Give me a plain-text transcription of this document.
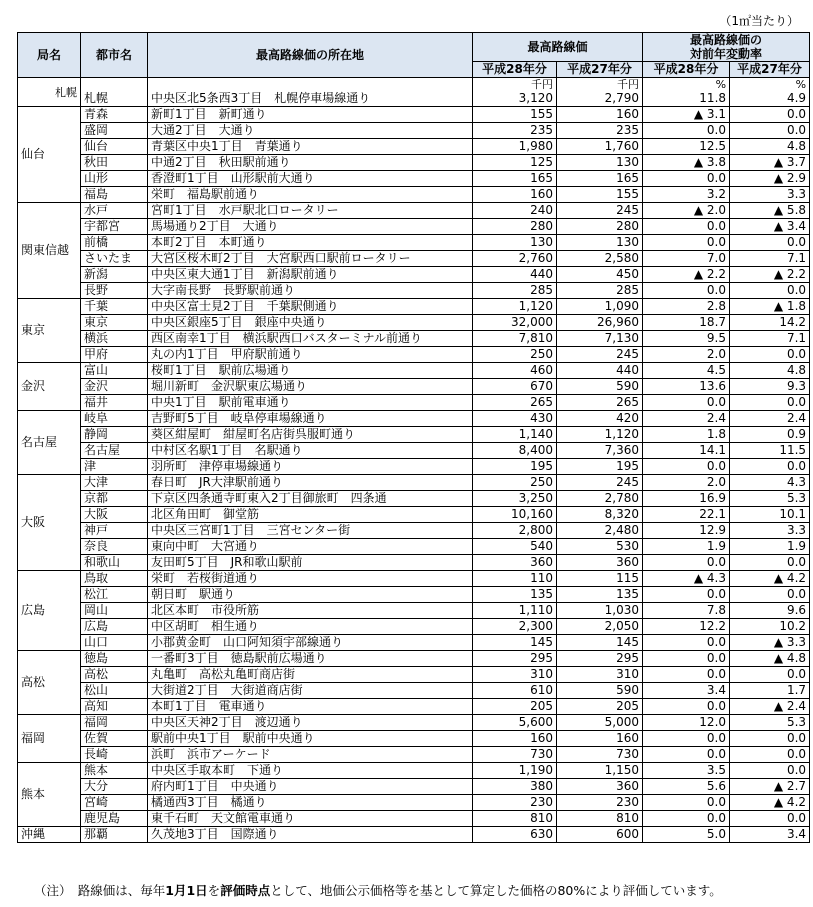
（1㎡当たり）
局名	都市名	最高路線価の所在地	最高路線価		最高路線価の
対前年変動率	
			平成28年分	平成27年分	平成28年分	平成27年分
札幌			千円	千円	%	%
	札幌	中央区北5条西3丁目　札幌停車場線通り	3,120	2,790	11.8	4.9
仙台	青森	新町1丁目　新町通り	155	160	▲ 3.1	0.0
	盛岡	大通2丁目　大通り	235	235	0.0	0.0
	仙台	青葉区中央1丁目　青葉通り	1,980	1,760	12.5	4.8
	秋田	中通2丁目　秋田駅前通り	125	130	▲ 3.8	▲ 3.7
	山形	香澄町1丁目　山形駅前大通り	165	165	0.0	▲ 2.9
	福島	栄町　福島駅前通り	160	155	3.2	3.3
関東信越	水戸	宮町1丁目　水戸駅北口ロータリー	240	245	▲ 2.0	▲ 5.8
	宇都宮	馬場通り2丁目　大通り	280	280	0.0	▲ 3.4
	前橋	本町2丁目　本町通り	130	130	0.0	0.0
	さいたま	大宮区桜木町2丁目　大宮駅西口駅前ロータリー	2,760	2,580	7.0	7.1
	新潟	中央区東大通1丁目　新潟駅前通り	440	450	▲ 2.2	▲ 2.2
	長野	大字南長野　長野駅前通り	285	285	0.0	0.0
東京	千葉	中央区富士見2丁目　千葉駅側通り	1,120	1,090	2.8	▲ 1.8
	東京	中央区銀座5丁目　銀座中央通り	32,000	26,960	18.7	14.2
	横浜	西区南幸1丁目　横浜駅西口バスターミナル前通り	7,810	7,130	9.5	7.1
	甲府	丸の内1丁目　甲府駅前通り	250	245	2.0	0.0
金沢	富山	桜町1丁目　駅前広場通り	460	440	4.5	4.8
	金沢	堀川新町　金沢駅東広場通り	670	590	13.6	9.3
	福井	中央1丁目　駅前電車通り	265	265	0.0	0.0
名古屋	岐阜	吉野町5丁目　岐阜停車場線通り	430	420	2.4	2.4
	静岡	葵区紺屋町　紺屋町名店街呉服町通り	1,140	1,120	1.8	0.9
	名古屋	中村区名駅1丁目　名駅通り	8,400	7,360	14.1	11.5
	津	羽所町　津停車場線通り	195	195	0.0	0.0
大阪	大津	春日町　JR大津駅前通り	250	245	2.0	4.3
	京都	下京区四条通寺町東入2丁目御旅町　四条通	3,250	2,780	16.9	5.3
	大阪	北区角田町　御堂筋	10,160	8,320	22.1	10.1
	神戸	中央区三宮町1丁目　三宮センター街	2,800	2,480	12.9	3.3
	奈良	東向中町　大宮通り	540	530	1.9	1.9
	和歌山	友田町5丁目　JR和歌山駅前	360	360	0.0	0.0
広島	鳥取	栄町　若桜街道通り	110	115	▲ 4.3	▲ 4.2
	松江	朝日町　駅通り	135	135	0.0	0.0
	岡山	北区本町　市役所筋	1,110	1,030	7.8	9.6
	広島	中区胡町　相生通り	2,300	2,050	12.2	10.2
	山口	小郡黄金町　山口阿知須宇部線通り	145	145	0.0	▲ 3.3
高松	徳島	一番町3丁目　徳島駅前広場通り	295	295	0.0	▲ 4.8
	高松	丸亀町　高松丸亀町商店街	310	310	0.0	0.0
	松山	大街道2丁目　大街道商店街	610	590	3.4	1.7
	高知	本町1丁目　電車通り	205	205	0.0	▲ 2.4
福岡	福岡	中央区天神2丁目　渡辺通り	5,600	5,000	12.0	5.3
	佐賀	駅前中央1丁目　駅前中央通り	160	160	0.0	0.0
	長崎	浜町　浜市アーケード	730	730	0.0	0.0
熊本	熊本	中央区手取本町　下通り	1,190	1,150	3.5	0.0
	大分	府内町1丁目　中央通り	380	360	5.6	▲ 2.7
	宮崎	橘通西3丁目　橘通り	230	230	0.0	▲ 4.2
	鹿児島	東千石町　天文館電車通り	810	810	0.0	0.0
沖縄	那覇	久茂地3丁目　国際通り	630	600	5.0	3.4
（注）　路線価は、毎年1月1日を評価時点として、地価公示価格等を基として算定した価格の80%により評価しています。
